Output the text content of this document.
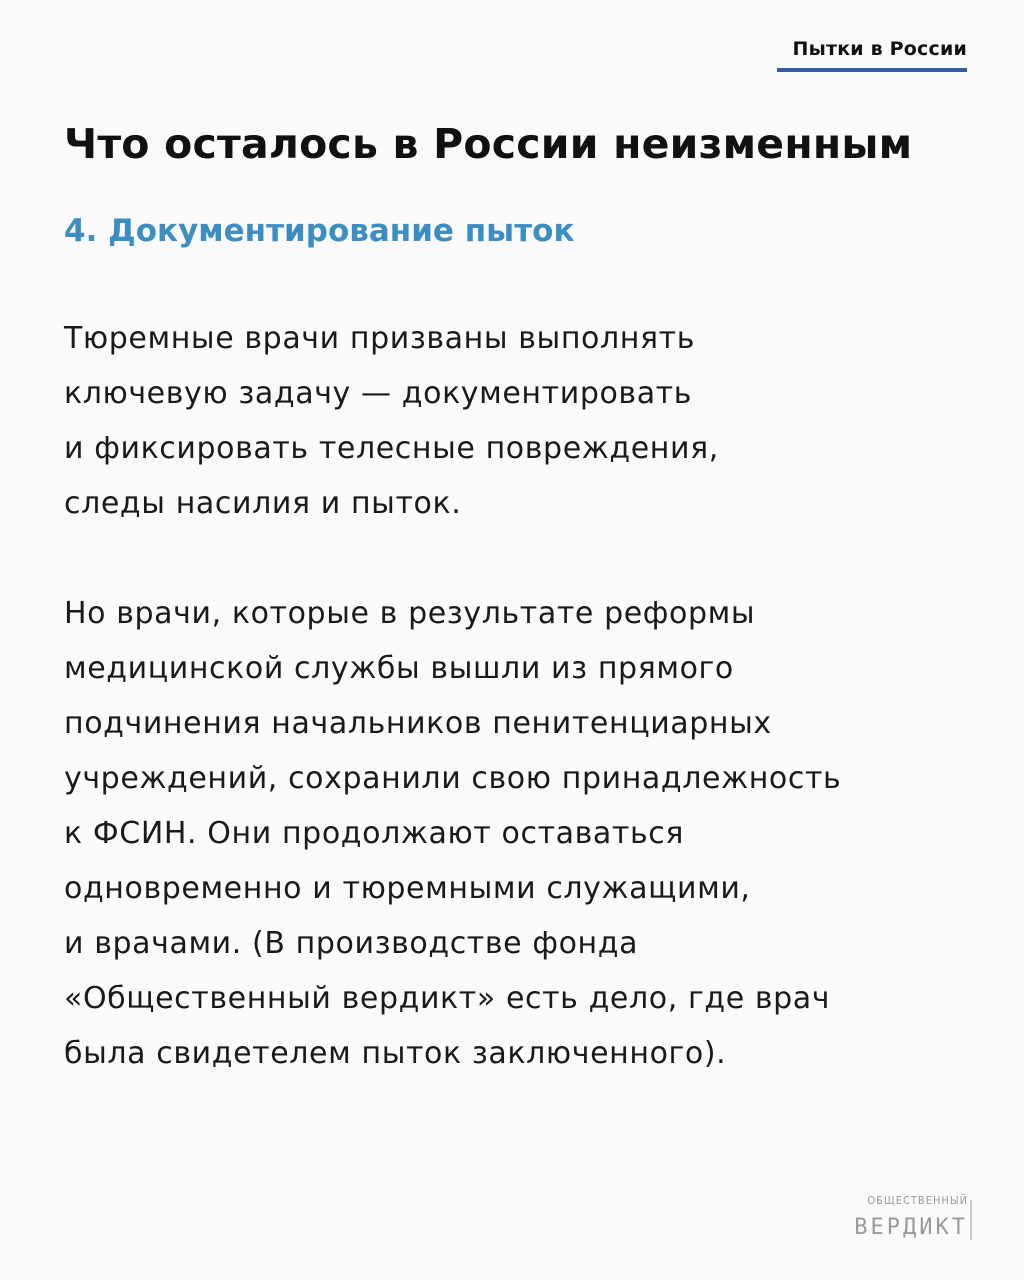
Пытки в России
Что осталось в России неизменным
4. Документирование пыток

Тюремные врачи призваны выполнять
ключевую задачу — документировать
и фиксировать телесные повреждения,
следы насилия и пыток.

Но врачи, которые в результате реформы
медицинской службы вышли из прямого
подчинения начальников пенитенциарных
учреждений, сохранили свою принадлежность
к ФСИН. Они продолжают оставаться
одновременно и тюремными служащими,
и врачами. (В производстве фонда
«Общественный вердикт» есть дело, где врач
была свидетелем пыток заключенного).

ОБЩЕСТВЕННЫЙ
ВЕРДИКТ
